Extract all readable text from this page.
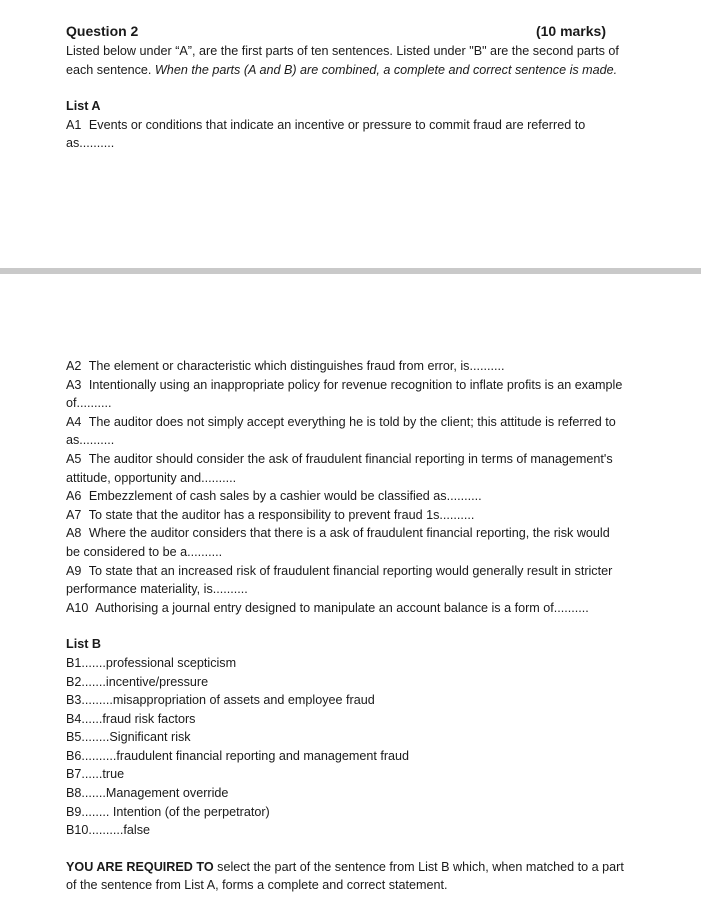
Question 2	(10 marks)

Listed below under “A”, are the first parts of ten sentences. Listed under "B" are the second parts of each sentence. When the parts (A and B) are combined, a complete and correct sentence is made.

List A

A1 Events or conditions that indicate an incentive or pressure to commit fraud are referred to as..........

A2 The element or characteristic which distinguishes fraud from error, is..........

A3 Intentionally using an inappropriate policy for revenue recognition to inflate profits is an example of..........

A4 The auditor does not simply accept everything he is told by the client; this attitude is referred to as..........

A5 The auditor should consider the ask of fraudulent financial reporting in terms of management's attitude, opportunity and..........

A6 Embezzlement of cash sales by a cashier would be classified as..........

A7 To state that the auditor has a responsibility to prevent fraud 1s..........

A8 Where the auditor considers that there is a ask of fraudulent financial reporting, the risk would be considered to be a..........

A9 To state that an increased risk of fraudulent financial reporting would generally result in stricter performance materiality, is..........

A10 Authorising a journal entry designed to manipulate an account balance is a form of..........

List B

B1.......professional scepticism

B2.......incentive/pressure

B3.........misappropriation of assets and employee fraud

B4......fraud risk factors

B5........Significant risk

B6..........fraudulent financial reporting and management fraud

B7......true

B8.......Management override

B9........ Intention (of the perpetrator)

B10..........false

YOU ARE REQUIRED TO select the part of the sentence from List B which, when matched to a part of the sentence from List A, forms a complete and correct statement.
